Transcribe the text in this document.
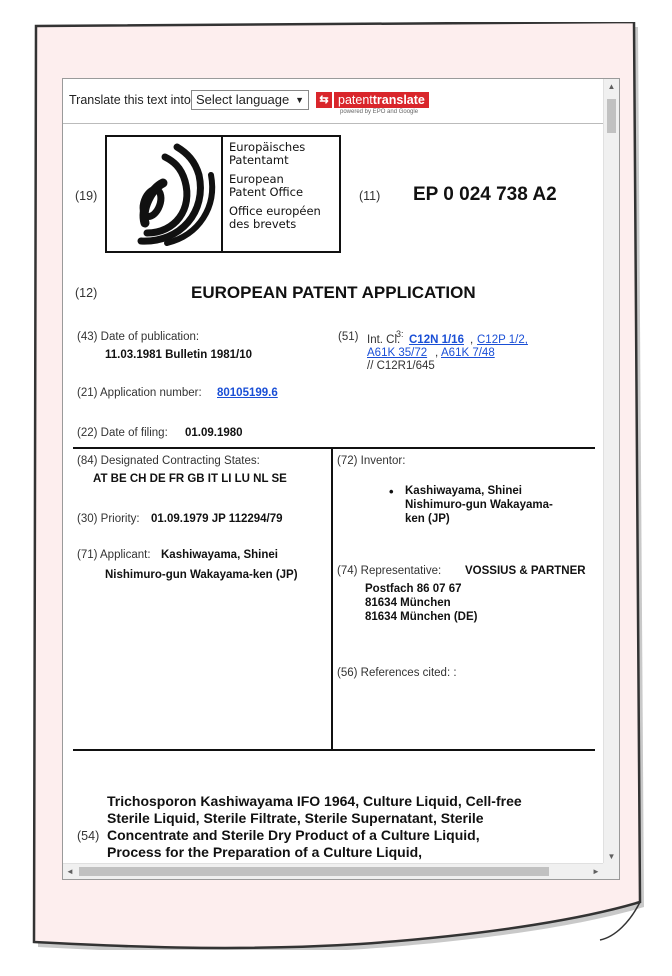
Translate this text into Select language ▼	⇆ patenttranslate
powered by EPO and Google
(19)
Europäisches
Patentamt
European
Patent Office
Office européen
des brevets
(11) EP 0 024 738 A2
(12)	EUROPEAN PATENT APPLICATION
(43) Date of publication:
11.03.1981 Bulletin 1981/10
(51) Int. Cl.
3: C12N 1/16 , C12P 1/2,
A61K 35/72 , A61K 7/48
// C12R1/645
(21) Application number: 80105199.6
(22) Date of filing: 01.09.1980
(84) Designated Contracting States:
AT BE CH DE FR GB IT LI LU NL SE
(30) Priority: 01.09.1979 JP 112294/79
(71) Applicant: Kashiwayama, Shinei
Nishimuro-gun Wakayama-ken (JP)
(72) Inventor:
• Kashiwayama, Shinei
Nishimuro-gun Wakayama-
ken (JP)
(74) Representative: VOSSIUS & PARTNER
Postfach 86 07 67
81634 München
81634 München (DE)
(56) References cited: :
(54)
Trichosporon Kashiwayama IFO 1964, Culture Liquid, Cell-free
Sterile Liquid, Sterile Filtrate, Sterile Supernatant, Sterile
Concentrate and Sterile Dry Product of a Culture Liquid,
Process for the Preparation of a Culture Liquid,
▲
▼
◄	►
